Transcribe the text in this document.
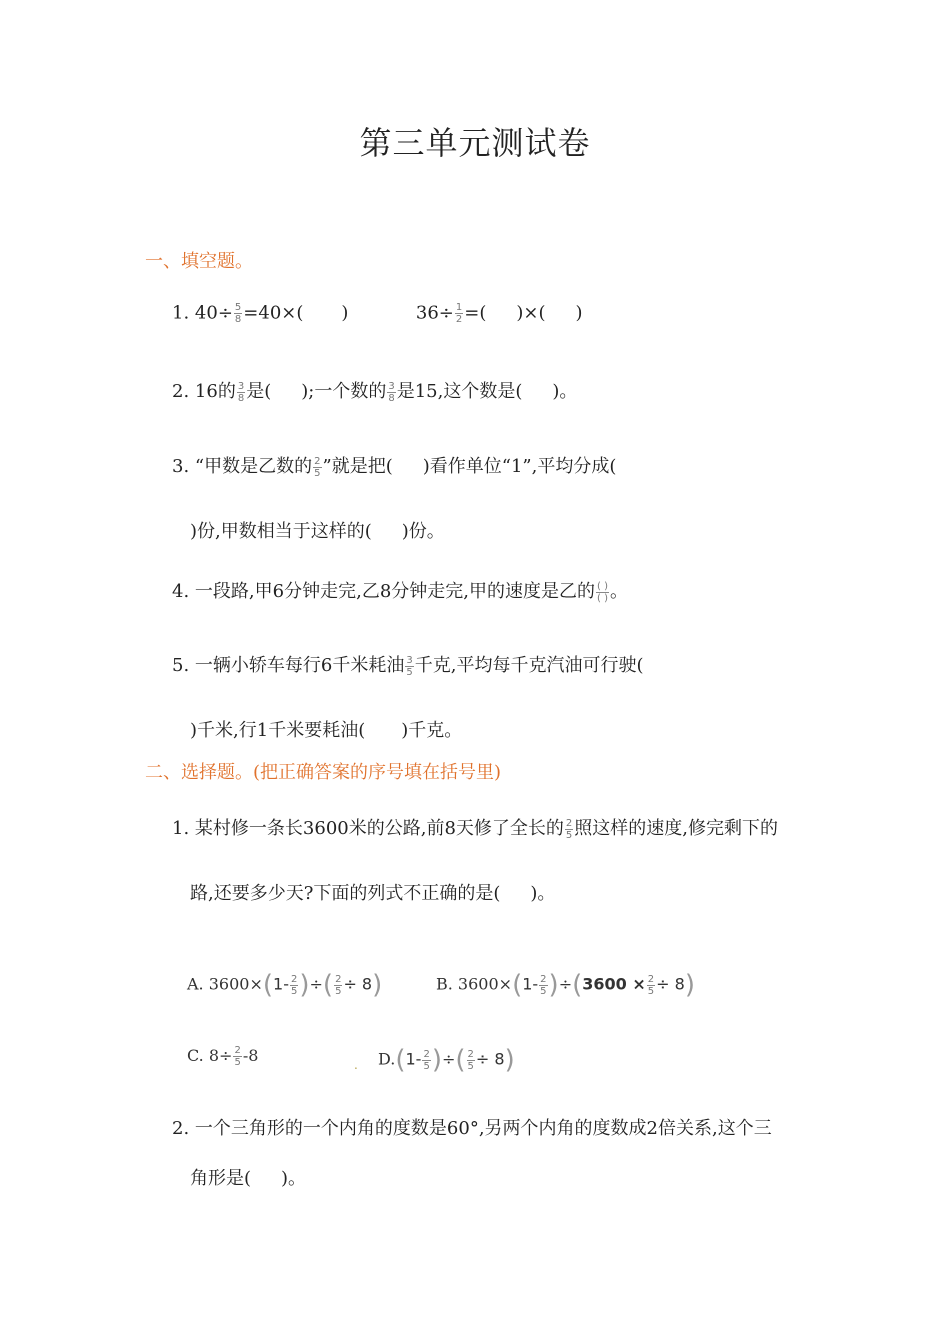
第三单元测试卷
一、填空题。
1. $40\div \frac{5}{8} =40\times$( )	$36\div \frac{1}{2}$ =( )×( )
2. 16的 $\frac{3}{8}$ 是( );一个数的 $\frac{3}{8}$ 是15,这个数是( )。
3. “甲数是乙数的 $\frac{2}{5}$ ”就是把( )看作单位“1”,平均分成(
)份,甲数相当于这样的( )份。
4. 一段路,甲6分钟走完,乙8分钟走完,甲的速度是乙的 $\frac{( )}{( )}$ 。
5. 一辆小轿车每行6千米耗油 $\frac{3}{5}$ 千克,平均每千克汽油可行驶(
)千米,行1千米要耗油( )千克。
二、选择题。(把正确答案的序号填在括号里)
1. 某村修一条长3600米的公路,前8天修了全长的 $\frac{2}{5}$ 照这样的速度,修完剩下的
路,还要多少天?下面的列式不正确的是( )。
A. $3600\times(1- \frac{2}{5}$ )÷( $\frac{2}{5} \div 8$)	B. $3600\times(1- \frac{2}{5} )\div(3600 \times \frac{2}{5} \div 8)$
C. $8\div \frac{2}{5} -8$	. $D.(1- \frac{2}{5}$ )÷( $\frac{2}{5} \div 8$)
2. 一个三角形的一个内角的度数是60°,另两个内角的度数成2倍关系,这个三
角形是( )。
